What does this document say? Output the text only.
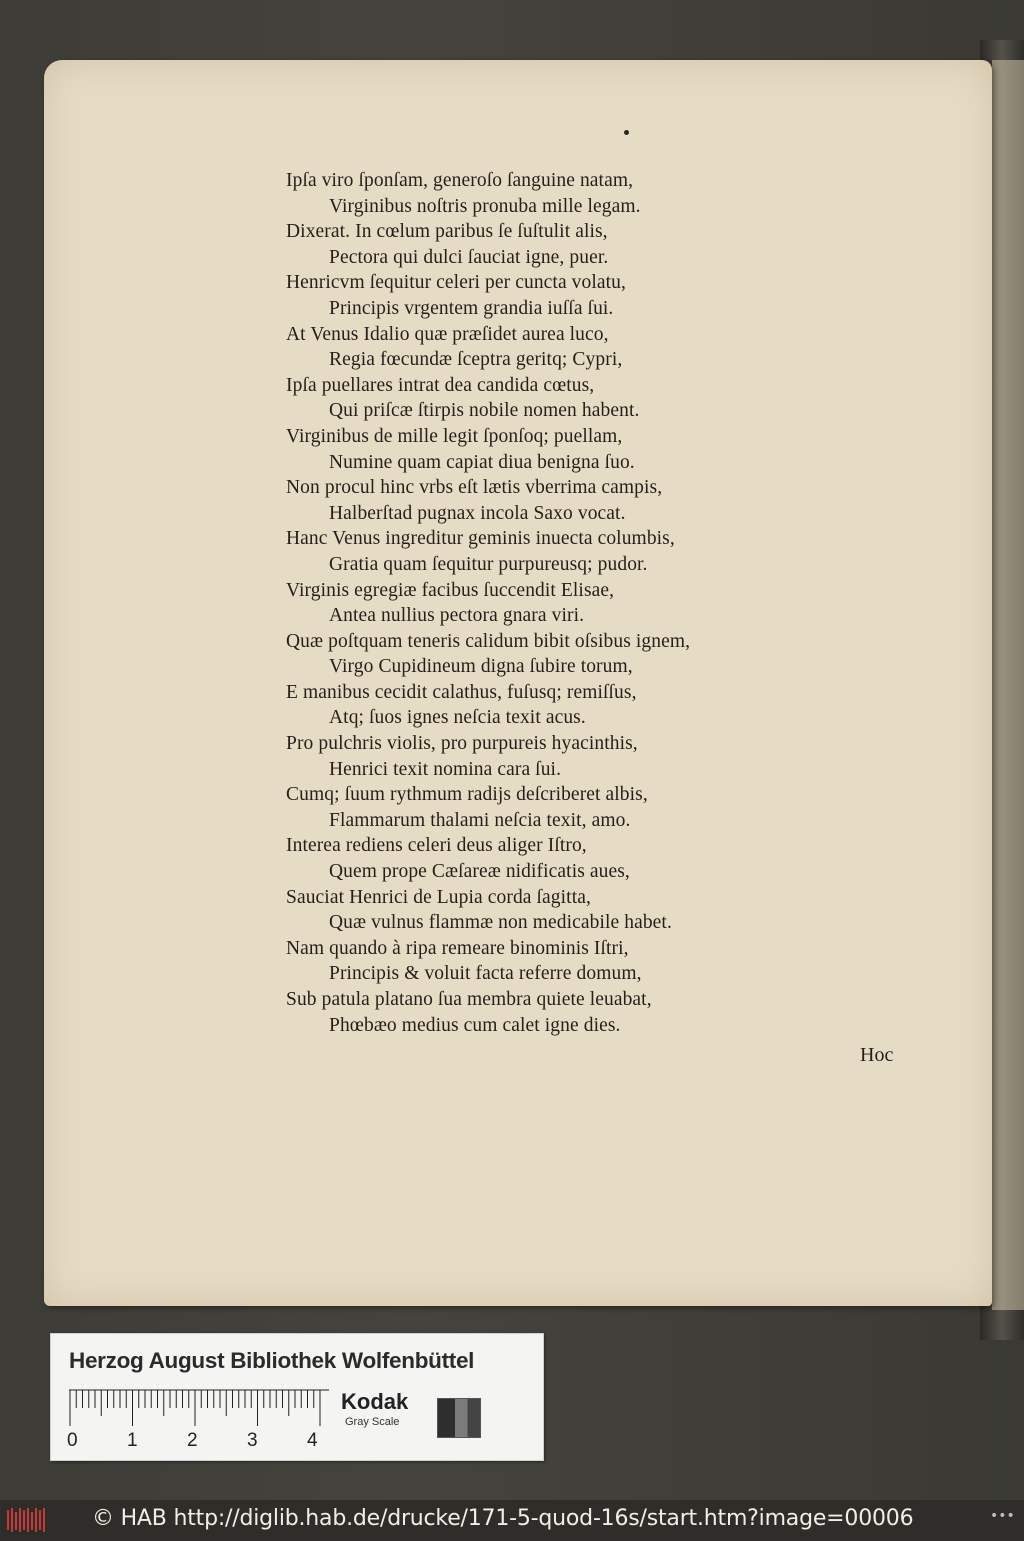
Ipſa viro ſponſam, generoſo ſanguine natam,
Virginibus noſtris pronuba mille legam.
Dixerat. In cœlum paribus ſe ſuſtulit alis,
Pectora qui dulci ſauciat igne, puer.
Henricvm ſequitur celeri per cuncta volatu,
Principis vrgentem grandia iuſſa ſui.
At Venus Idalio quæ præſidet aurea luco,
Regia fœcundæ ſceptra geritq; Cypri,
Ipſa puellares intrat dea candida cœtus,
Qui priſcæ ſtirpis nobile nomen habent.
Virginibus de mille legit ſponſoq; puellam,
Numine quam capiat diua benigna ſuo.
Non procul hinc vrbs eſt lætis vberrima campis,
Halberſtad pugnax incola Saxo vocat.
Hanc Venus ingreditur geminis inuecta columbis,
Gratia quam ſequitur purpureusq; pudor.
Virginis egregiæ facibus ſuccendit Elisae,
Antea nullius pectora gnara viri.
Quæ poſtquam teneris calidum bibit oſsibus ignem,
Virgo Cupidineum digna ſubire torum,
E manibus cecidit calathus, fuſusq; remiſſus,
Atq; ſuos ignes neſcia texit acus.
Pro pulchris violis, pro purpureis hyacinthis,
Henrici texit nomina cara ſui.
Cumq; ſuum rythmum radijs deſcriberet albis,
Flammarum thalami neſcia texit, amo.
Interea rediens celeri deus aliger Iſtro,
Quem prope Cæſareæ nidificatis aues,
Sauciat Henrici de Lupia corda ſagitta,
Quæ vulnus flammæ non medicabile habet.
Nam quando à ripa remeare binominis Iſtri,
Principis & voluit facta referre domum,
Sub patula platano ſua membra quiete leuabat,
Phœbæo medius cum calet igne dies.
Hoc
Herzog August Bibliothek Wolfenbüttel
0	1	2	3	4
Kodak
Gray Scale
© HAB http://diglib.hab.de/drucke/171-5-quod-16s/start.htm?image=00006	•••
